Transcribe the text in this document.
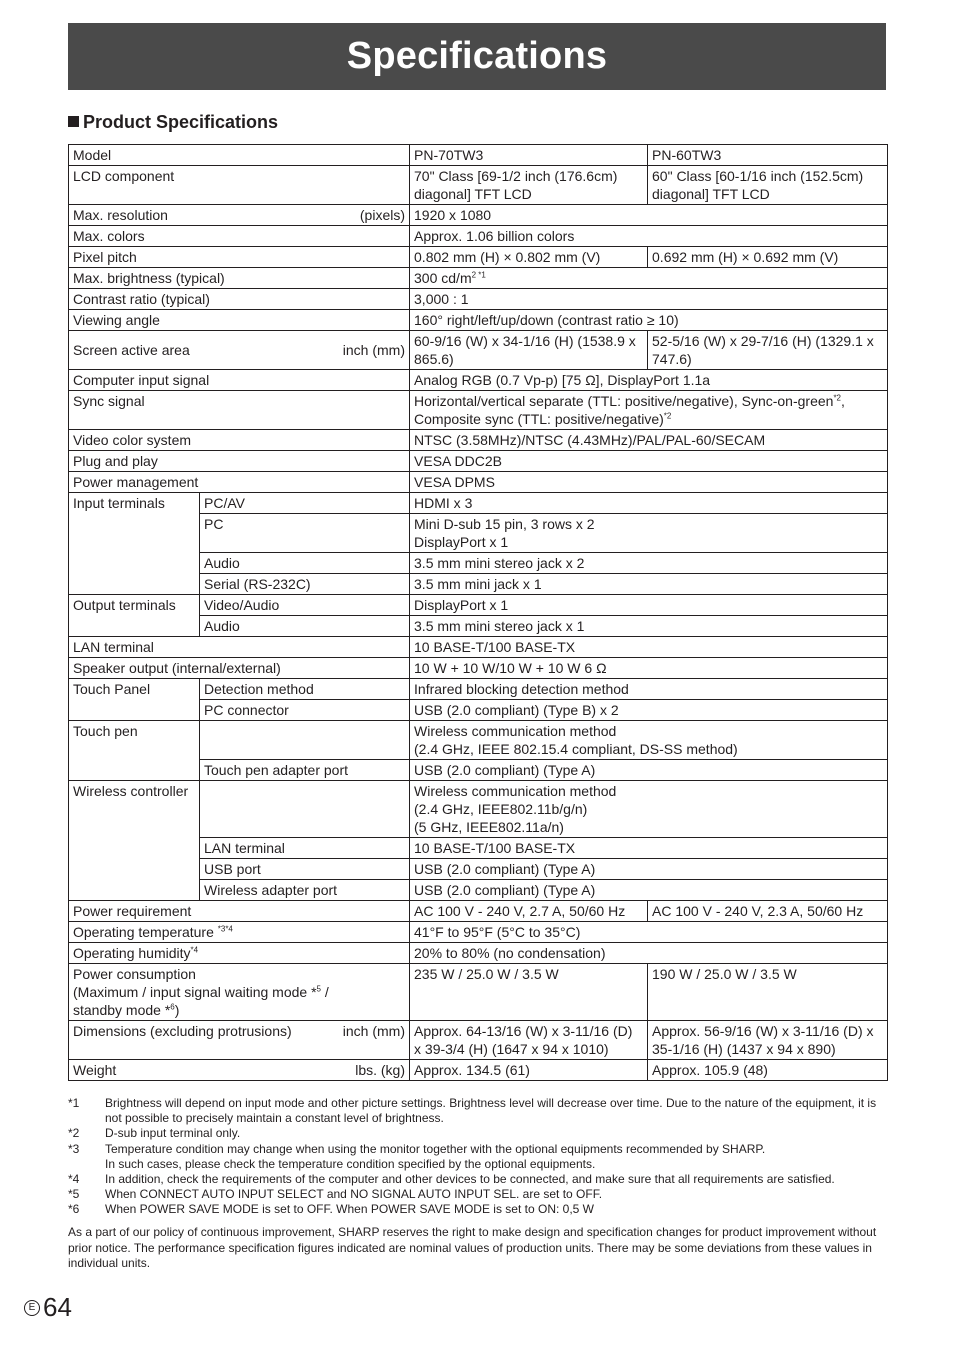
Specifications
Product Specifications
Model		PN-70TW3	PN-60TW3
LCD component		70" Class [69-1/2 inch (176.6cm) diagonal] TFT LCD	60" Class [60-1/16 inch (152.5cm) diagonal] TFT LCD
Max. resolution (pixels)		1920 x 1080	
Max. colors		Approx. 1.06 billion colors	
Pixel pitch		0.802 mm (H) × 0.802 mm (V)	0.692 mm (H) × 0.692 mm (V)
Max. brightness (typical)		300 $cd/m^{2 *1}$
Contrast ratio (typical)		3,000 : 1	
Viewing angle		160° right/left/up/down (contrast ratio ≥ 10)	
Screen active area inch (mm)		60-9/16 (W) x 34-1/16 (H) (1538.9 x 865.6)	52-5/16 (W) x 29-7/16 (H) (1329.1 x 747.6)
Computer input signal		Analog RGB (0.7 Vp-p) [75 Ω], DisplayPort 1.1a	
Sync signal		Horizontal/vertical separate (TTL: positive/negative), Sync-on-green$^{*2}$, Composite sync (TTL: positive/negative)$^{*2}$
Video color system		NTSC (3.58MHz)/NTSC (4.43MHz)/PAL/PAL-60/SECAM	
Plug and play		VESA DDC2B	
Power management		VESA DPMS	
Input terminals	PC/AV	HDMI x 3	
	PC	Mini D-sub 15 pin, 3 rows x 2
DisplayPort x 1	
	Audio	3.5 mm mini stereo jack x 2	
	Serial (RS-232C)	3.5 mm mini jack x 1	
Output terminals	Video/Audio	DisplayPort x 1	
	Audio	3.5 mm mini stereo jack x 1	
LAN terminal		10 BASE-T/100 BASE-TX	
Speaker output (internal/external)		10 W + 10 W/10 W + 10 W 6 Ω	
Touch Panel	Detection method	Infrared blocking detection method	
	PC connector	USB (2.0 compliant) (Type B) x 2	
Touch pen		Wireless communication method
(2.4 GHz, IEEE 802.15.4 compliant, DS-SS method)	
	Touch pen adapter port	USB (2.0 compliant) (Type A)	
Wireless controller		Wireless communication method
(2.4 GHz, IEEE802.11b/g/n)
(5 GHz, IEEE802.11a/n)	
	LAN terminal	10 BASE-T/100 BASE-TX	
	USB port	USB (2.0 compliant) (Type A)	
	Wireless adapter port	USB (2.0 compliant) (Type A)	
Power requirement		AC 100 V - 240 V, 2.7 A, 50/60 Hz	AC 100 V - 240 V, 2.3 A, 50/60 Hz
Operating temperature $^{*3*4}$		41°F to 95°F (5°C to 35°C)	
Operating humidity$^{*4}$		20% to 80% (no condensation)	
Power consumption
(Maximum / input signal waiting mode *$^5$ /
standby mode *$^6$)		235 W / 25.0 W / 3.5 W	190 W / 25.0 W / 3.5 W
Dimensions (excluding protrusions) inch (mm)		Approx. 64-13/16 (W) x 3-11/16 (D) x 39-3/4 (H) (1647 x 94 x 1010)	Approx. 56-9/16 (W) x 3-11/16 (D) x 35-1/16 (H) (1437 x 94 x 890)
Weight lbs. (kg)		Approx. 134.5 (61)	Approx. 105.9 (48)
*1	Brightness will depend on input mode and other picture settings. Brightness level will decrease over time. Due to the nature of the equipment, it is not possible to precisely maintain a constant level of brightness.
*2	D-sub input terminal only.
*3	Temperature condition may change when using the monitor together with the optional equipments recommended by SHARP.
In such cases, please check the temperature condition specified by the optional equipments.
*4	In addition, check the requirements of the computer and other devices to be connected, and make sure that all requirements are satisfied.
*5	When CONNECT AUTO INPUT SELECT and NO SIGNAL AUTO INPUT SEL. are set to OFF.
*6	When POWER SAVE MODE is set to OFF. When POWER SAVE MODE is set to ON: 0,5 W
As a part of our policy of continuous improvement, SHARP reserves the right to make design and specification changes for product improvement without prior notice. The performance specification figures indicated are nominal values of production units. There may be some deviations from these values in individual units.
E 64
